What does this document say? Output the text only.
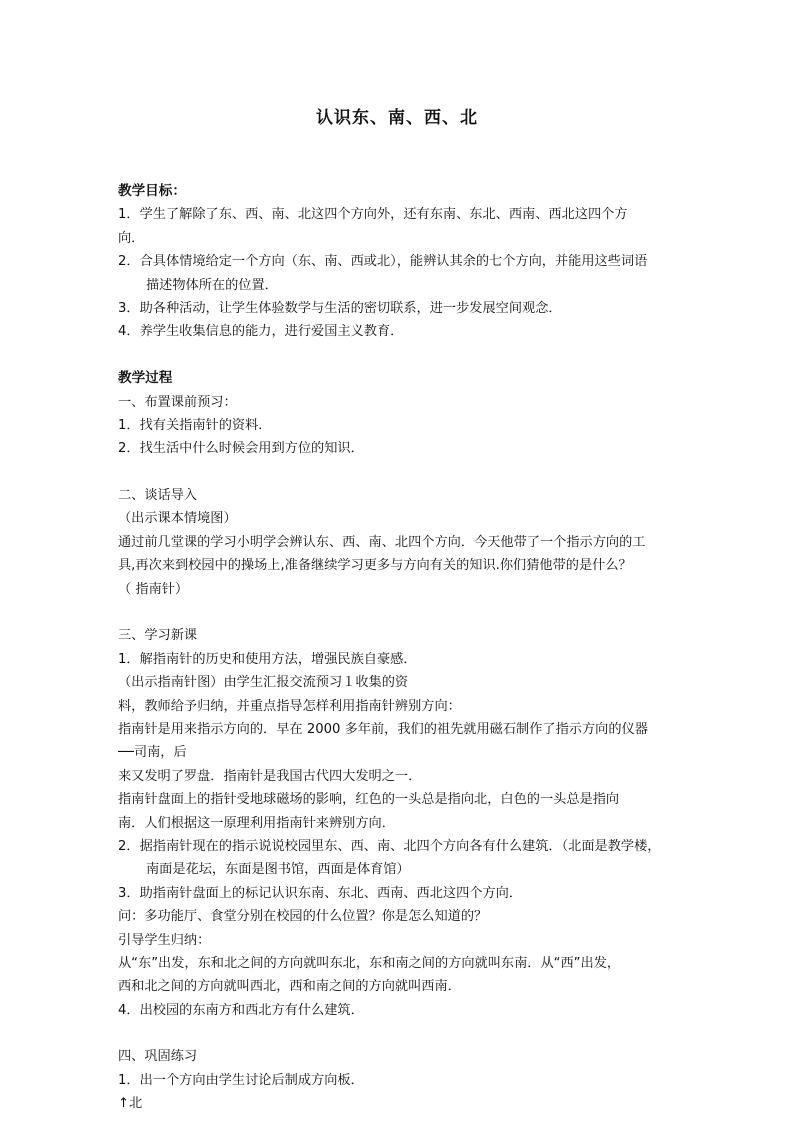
认识东、南、西、北
教学目标：
1．学生了解除了东、西、南、北这四个方向外，还有东南、东北、西南、西北这四个方
向．
2．合具体情境给定一个方向（东、南、西或北），能辨认其余的七个方向，并能用这些词语
描述物体所在的位置．
3．助各种活动，让学生体验数学与生活的密切联系，进一步发展空间观念．
4．养学生收集信息的能力，进行爱国主义教育．
教学过程
一、布置课前预习：
1．找有关指南针的资料．
2．找生活中什么时候会用到方位的知识．
二、谈话导入
（出示课本情境图）
通过前几堂课的学习小明学会辨认东、西、南、北四个方向．今天他带了一个指示方向的工
具,再次来到校园中的操场上,准备继续学习更多与方向有关的知识.你们猜他带的是什么？
（ 指南针）
三、学习新课
1．解指南针的历史和使用方法，增强民族自豪感．
（出示指南针图）由学生汇报交流预习１收集的资
料，教师给予归纳，并重点指导怎样利用指南针辨别方向：
指南针是用来指示方向的．早在 2000 多年前，我们的祖先就用磁石制作了指示方向的仪器
──司南，后
来又发明了罗盘．指南针是我国古代四大发明之一．
指南针盘面上的指针受地球磁场的影响，红色的一头总是指向北，白色的一头总是指向
南．人们根据这一原理利用指南针来辨别方向．
2．据指南针现在的指示说说校园里东、西、南、北四个方向各有什么建筑．（北面是教学楼，
南面是花坛，东面是图书馆，西面是体育馆）
3．助指南针盘面上的标记认识东南、东北、西南、西北这四个方向．
问：多功能厅、食堂分别在校园的什么位置？你是怎么知道的？
引导学生归纳：
从“东”出发，东和北之间的方向就叫东北，东和南之间的方向就叫东南．从“西”出发，
西和北之间的方向就叫西北，西和南之间的方向就叫西南．
4．出校园的东南方和西北方有什么建筑．
四、巩固练习
1．出一个方向由学生讨论后制成方向板．
↑北
